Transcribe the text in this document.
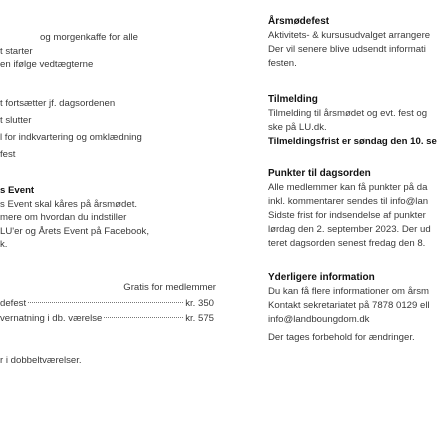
og morgenkaffe for alle
t starter
en ifølge vedtægterne
t fortsætter jf. dagsordenen
t slutter
l for indkvartering og omklædning
fest
s Event
s Event skal kåres på årsmødet.
mere om hvordan du indstiller
LU'er og Årets Event på Facebook,
k.
Gratis for medlemmer
defest	kr. 350
vernatning i db. værelse	kr. 575
r i dobbeltværelser.
Årsmødefest
Aktivitets- & kursusudvalget arrangere
Der vil senere blive udsendt informati
festen.
Tilmelding
Tilmelding til årsmødet og evt. fest og
ske på LU.dk.
Tilmeldingsfrist er søndag den 10. se
Punkter til dagsorden
Alle medlemmer kan få punkter på da
inkl. kommentarer sendes til info@lan
Sidste frist for indsendelse af punkter
lørdag den 2. september 2023. Der ud
teret dagsorden senest fredag den 8.
Yderligere information
Du kan få flere informationer om årsm
Kontakt sekretariatet på 7878 0129 ell
info@landboungdom.dk
Der tages forbehold for ændringer.
